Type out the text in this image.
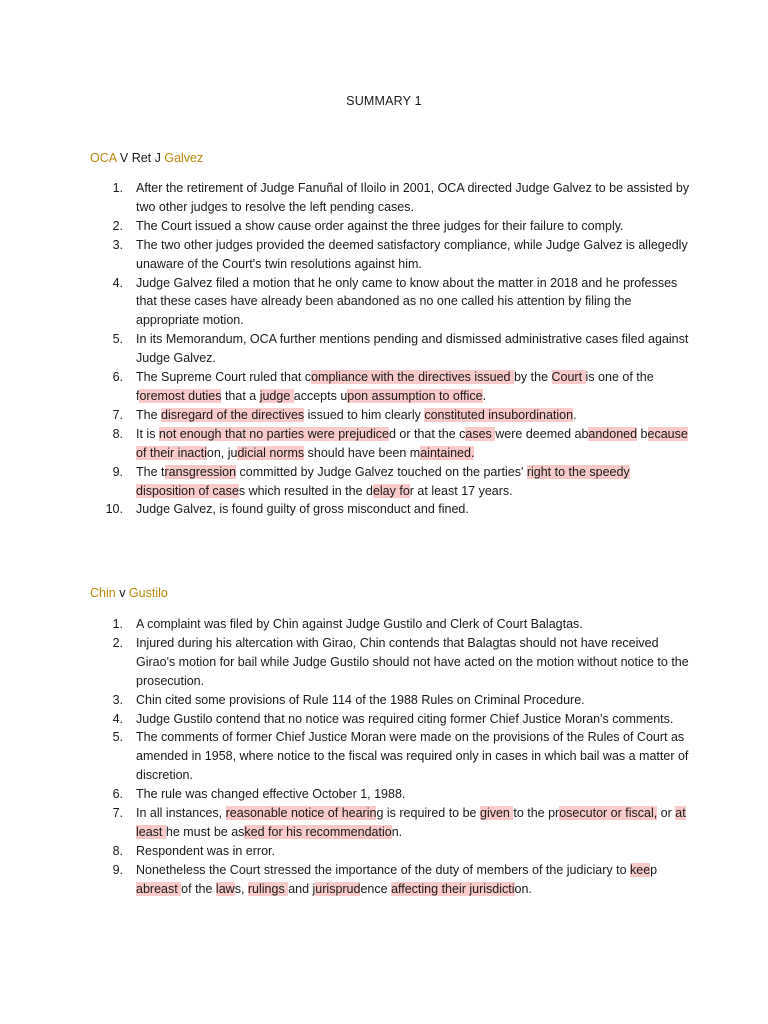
SUMMARY 1
OCA V Ret J Galvez
1. After the retirement of Judge Fanuñal of Iloilo in 2001, OCA directed Judge Galvez to be assisted by two other judges to resolve the left pending cases.
2. The Court issued a show cause order against the three judges for their failure to comply.
3. The two other judges provided the deemed satisfactory compliance, while Judge Galvez is allegedly unaware of the Court's twin resolutions against him.
4. Judge Galvez filed a motion that he only came to know about the matter in 2018 and he professes that these cases have already been abandoned as no one called his attention by filing the appropriate motion.
5. In its Memorandum, OCA further mentions pending and dismissed administrative cases filed against Judge Galvez.
6. The Supreme Court ruled that compliance with the directives issued by the Court is one of the foremost duties that a judge accepts upon assumption to office.
7. The disregard of the directives issued to him clearly constituted insubordination.
8. It is not enough that no parties were prejudiced or that the cases were deemed abandoned because of their inaction, judicial norms should have been maintained.
9. The transgression committed by Judge Galvez touched on the parties' right to the speedy disposition of cases which resulted in the delay for at least 17 years.
10. Judge Galvez, is found guilty of gross misconduct and fined.
Chin v Gustilo
1. A complaint was filed by Chin against Judge Gustilo and Clerk of Court Balagtas.
2. Injured during his altercation with Girao, Chin contends that Balagtas should not have received Girao's motion for bail while Judge Gustilo should not have acted on the motion without notice to the prosecution.
3. Chin cited some provisions of Rule 114 of the 1988 Rules on Criminal Procedure.
4. Judge Gustilo contend that no notice was required citing former Chief Justice Moran's comments.
5. The comments of former Chief Justice Moran were made on the provisions of the Rules of Court as amended in 1958, where notice to the fiscal was required only in cases in which bail was a matter of discretion.
6. The rule was changed effective October 1, 1988.
7. In all instances, reasonable notice of hearing is required to be given to the prosecutor or fiscal, or at least he must be asked for his recommendation.
8. Respondent was in error.
9. Nonetheless the Court stressed the importance of the duty of members of the judiciary to keep abreast of the laws, rulings and jurisprudence affecting their jurisdiction.
